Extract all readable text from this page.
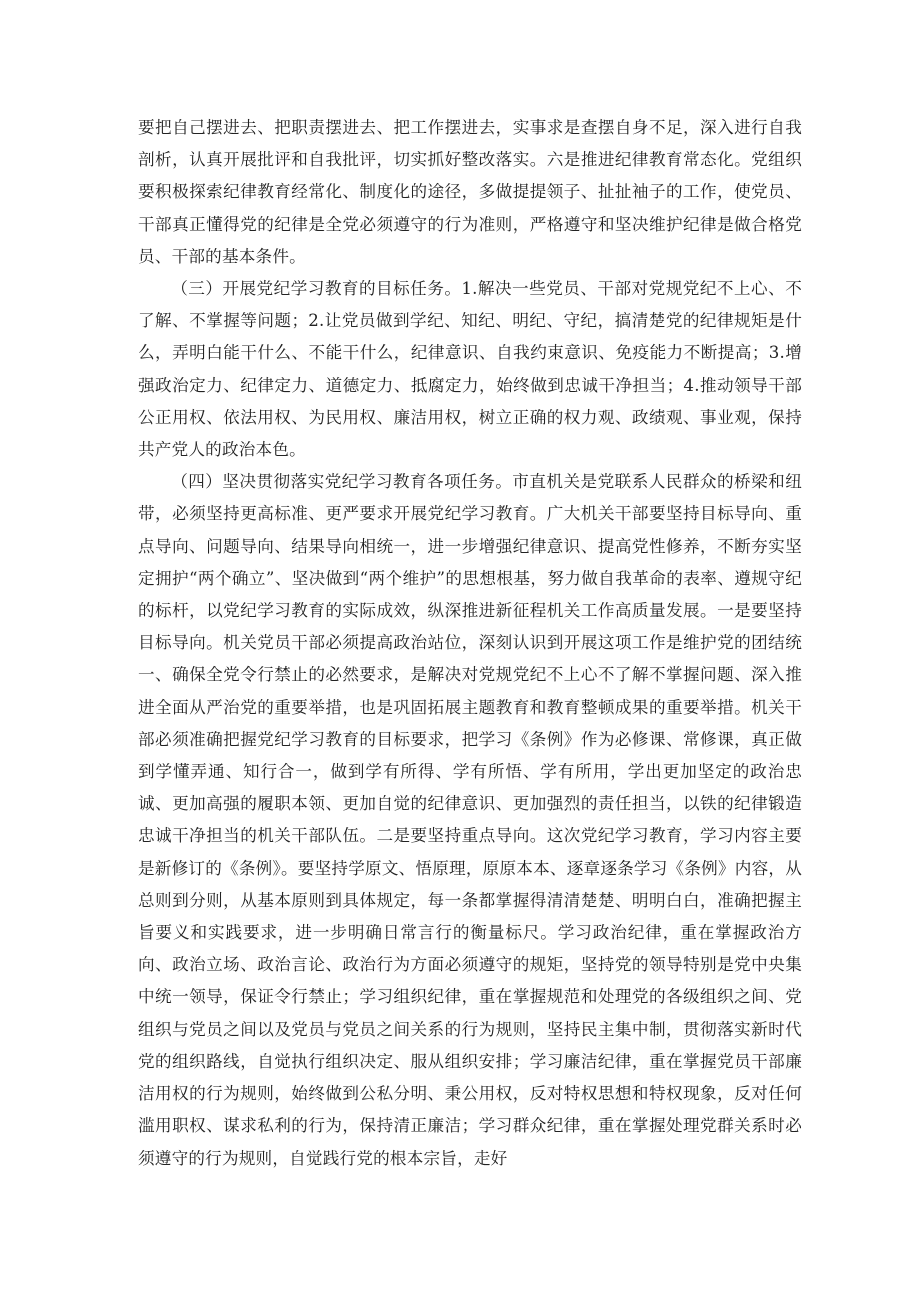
要把自己摆进去、把职责摆进去、把工作摆进去，实事求是查摆自身不足，深入进行自我剖析，认真开展批评和自我批评，切实抓好整改落实。六是推进纪律教育常态化。党组织要积极探索纪律教育经常化、制度化的途径，多做提提领子、扯扯袖子的工作，使党员、干部真正懂得党的纪律是全党必须遵守的行为准则，严格遵守和坚决维护纪律是做合格党员、干部的基本条件。

（三）开展党纪学习教育的目标任务。1.解决一些党员、干部对党规党纪不上心、不了解、不掌握等问题；2.让党员做到学纪、知纪、明纪、守纪，搞清楚党的纪律规矩是什么，弄明白能干什么、不能干什么，纪律意识、自我约束意识、免疫能力不断提高；3.增强政治定力、纪律定力、道德定力、抵腐定力，始终做到忠诚干净担当；4.推动领导干部公正用权、依法用权、为民用权、廉洁用权，树立正确的权力观、政绩观、事业观，保持共产党人的政治本色。

（四）坚决贯彻落实党纪学习教育各项任务。市直机关是党联系人民群众的桥梁和纽带，必须坚持更高标准、更严要求开展党纪学习教育。广大机关干部要坚持目标导向、重点导向、问题导向、结果导向相统一，进一步增强纪律意识、提高党性修养，不断夯实坚定拥护“两个确立”、坚决做到“两个维护”的思想根基，努力做自我革命的表率、遵规守纪的标杆，以党纪学习教育的实际成效，纵深推进新征程机关工作高质量发展。一是要坚持目标导向。机关党员干部必须提高政治站位，深刻认识到开展这项工作是维护党的团结统一、确保全党令行禁止的必然要求，是解决对党规党纪不上心不了解不掌握问题、深入推进全面从严治党的重要举措，也是巩固拓展主题教育和教育整顿成果的重要举措。机关干部必须准确把握党纪学习教育的目标要求，把学习《条例》作为必修课、常修课，真正做到学懂弄通、知行合一，做到学有所得、学有所悟、学有所用，学出更加坚定的政治忠诚、更加高强的履职本领、更加自觉的纪律意识、更加强烈的责任担当，以铁的纪律锻造忠诚干净担当的机关干部队伍。二是要坚持重点导向。这次党纪学习教育，学习内容主要是新修订的《条例》。要坚持学原文、悟原理，原原本本、逐章逐条学习《条例》内容，从总则到分则，从基本原则到具体规定，每一条都掌握得清清楚楚、明明白白，准确把握主旨要义和实践要求，进一步明确日常言行的衡量标尺。学习政治纪律，重在掌握政治方向、政治立场、政治言论、政治行为方面必须遵守的规矩，坚持党的领导特别是党中央集中统一领导，保证令行禁止；学习组织纪律，重在掌握规范和处理党的各级组织之间、党组织与党员之间以及党员与党员之间关系的行为规则，坚持民主集中制，贯彻落实新时代党的组织路线，自觉执行组织决定、服从组织安排；学习廉洁纪律，重在掌握党员干部廉洁用权的行为规则，始终做到公私分明、秉公用权，反对特权思想和特权现象，反对任何滥用职权、谋求私利的行为，保持清正廉洁；学习群众纪律，重在掌握处理党群关系时必须遵守的行为规则，自觉践行党的根本宗旨，走好
